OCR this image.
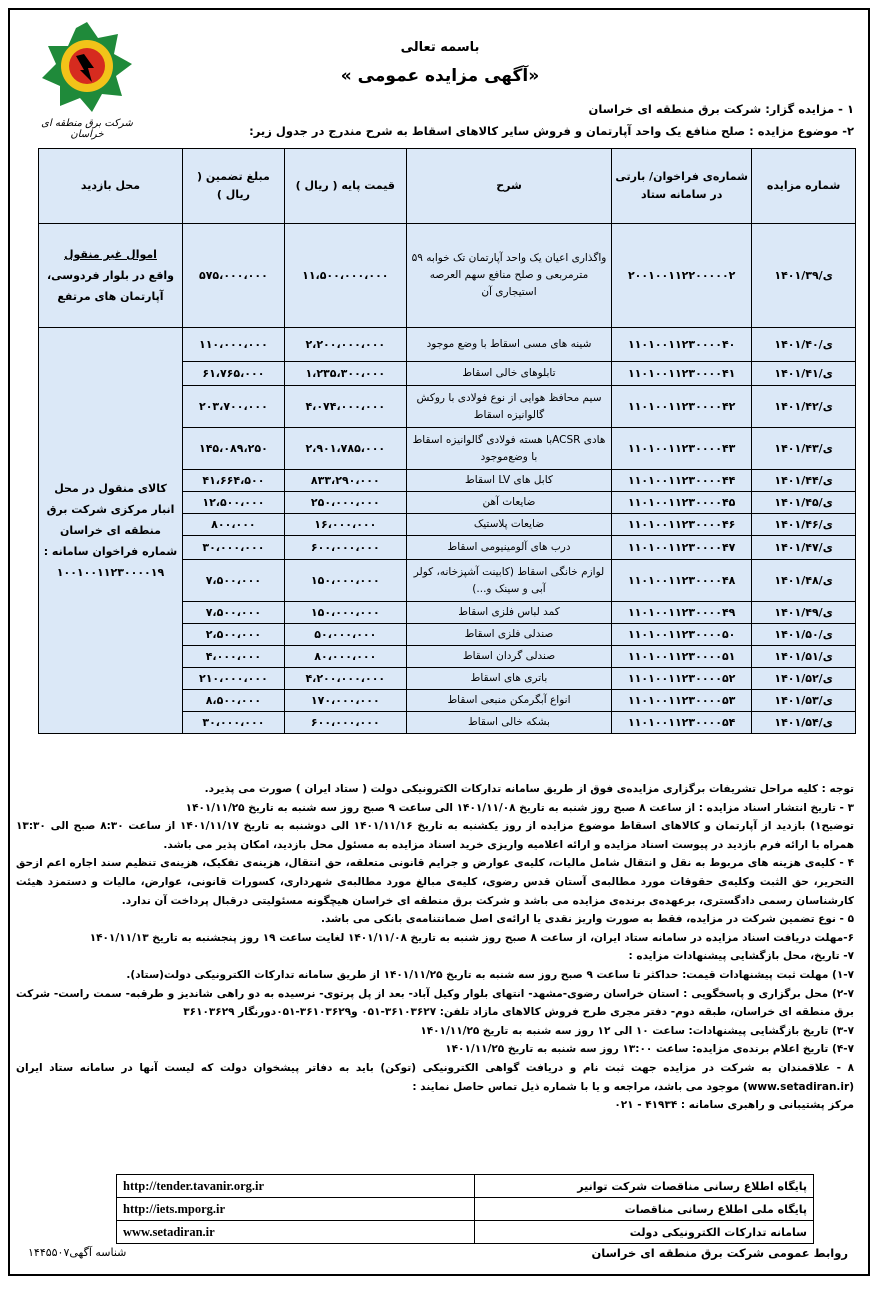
شرکت برق منطقه ای خراسان
باسمه تعالی
«آگهی مزایده عمومی »
۱ - مزایده گزار: شرکت برق منطقه ای خراسان
۲- موضوع مزایده : صلح منافع یک واحد آپارتمان و فروش سایر کالاهای اسقاط به شرح مندرج در جدول زیر:
شماره مزایده	شماره‌ی فراخوان/ بارتی در سامانه ستاد	شرح	قیمت پایه ( ریال )	مبلغ تضمین ( ریال )	محل بازدید
ی/۱۴۰۱/۳۹	۲۰۰۱۰۰۱۱۲۲۰۰۰۰۰۲	واگذاری اعیان یک واحد آپارتمان تک خوابه ۵۹ مترمربعی و صلح منافع سهم العرصه استیجاری آن	۱۱،۵۰۰،۰۰۰،۰۰۰	۵۷۵،۰۰۰،۰۰۰	اموال غیر منقول
واقع در بلوار فردوسی، آپارتمان های مرتفع

ی/۱۴۰۱/۴۰	۱۱۰۱۰۰۱۱۲۳۰۰۰۰۴۰	شینه های مسی اسقاط با وضع موجود	۲،۲۰۰،۰۰۰،۰۰۰	۱۱۰،۰۰۰،۰۰۰	کالای منقول در محل انبار مرکزی شرکت برق منطقه ای خراسان
شماره فراخوان سامانه :
۱۰۰۱۰۰۱۱۲۳۰۰۰۰۱۹

ی/۱۴۰۱/۴۱	۱۱۰۱۰۰۱۱۲۳۰۰۰۰۴۱	تابلوهای خالی اسقاط	۱،۲۳۵،۳۰۰،۰۰۰	۶۱،۷۶۵،۰۰۰	
ی/۱۴۰۱/۴۲	۱۱۰۱۰۰۱۱۲۳۰۰۰۰۴۲	سیم محافظ هوایی از نوع فولادی با روکش گالوانیزه اسقاط	۴،۰۷۴،۰۰۰،۰۰۰	۲۰۳،۷۰۰،۰۰۰	
ی/۱۴۰۱/۴۳	۱۱۰۱۰۰۱۱۲۳۰۰۰۰۴۳	هادی ACSRبا هسته فولادی گالوانیزه اسقاط با وضع‌موجود	۲،۹۰۱،۷۸۵،۰۰۰	۱۴۵،۰۸۹،۲۵۰	
ی/۱۴۰۱/۴۴	۱۱۰۱۰۰۱۱۲۳۰۰۰۰۴۴	کابل های LV اسقاط	۸۳۳،۲۹۰،۰۰۰	۴۱،۶۶۴،۵۰۰	
ی/۱۴۰۱/۴۵	۱۱۰۱۰۰۱۱۲۳۰۰۰۰۴۵	ضایعات آهن	۲۵۰،۰۰۰،۰۰۰	۱۲،۵۰۰،۰۰۰	
ی/۱۴۰۱/۴۶	۱۱۰۱۰۰۱۱۲۳۰۰۰۰۴۶	ضایعات پلاستیک	۱۶،۰۰۰،۰۰۰	۸۰۰،۰۰۰	
ی/۱۴۰۱/۴۷	۱۱۰۱۰۰۱۱۲۳۰۰۰۰۴۷	درب های آلومینیومی اسقاط	۶۰۰،۰۰۰،۰۰۰	۳۰،۰۰۰،۰۰۰	
ی/۱۴۰۱/۴۸	۱۱۰۱۰۰۱۱۲۳۰۰۰۰۴۸	لوازم خانگی اسقاط (کابینت آشپزخانه، کولر آبی و سینک و...)	۱۵۰،۰۰۰،۰۰۰	۷،۵۰۰،۰۰۰	
ی/۱۴۰۱/۴۹	۱۱۰۱۰۰۱۱۲۳۰۰۰۰۴۹	کمد لباس فلزی اسقاط	۱۵۰،۰۰۰،۰۰۰	۷،۵۰۰،۰۰۰	
ی/۱۴۰۱/۵۰	۱۱۰۱۰۰۱۱۲۳۰۰۰۰۵۰	صندلی فلزی اسقاط	۵۰،۰۰۰،۰۰۰	۲،۵۰۰،۰۰۰	
ی/۱۴۰۱/۵۱	۱۱۰۱۰۰۱۱۲۳۰۰۰۰۵۱	صندلی گردان اسقاط	۸۰،۰۰۰،۰۰۰	۴،۰۰۰،۰۰۰	
ی/۱۴۰۱/۵۲	۱۱۰۱۰۰۱۱۲۳۰۰۰۰۵۲	باتری های اسقاط	۴،۲۰۰،۰۰۰،۰۰۰	۲۱۰،۰۰۰،۰۰۰	
ی/۱۴۰۱/۵۳	۱۱۰۱۰۰۱۱۲۳۰۰۰۰۵۳	انواع آبگرمکن منبعی اسقاط	۱۷۰،۰۰۰،۰۰۰	۸،۵۰۰،۰۰۰	
ی/۱۴۰۱/۵۴	۱۱۰۱۰۰۱۱۲۳۰۰۰۰۵۴	بشکه خالی اسقاط	۶۰۰،۰۰۰،۰۰۰	۳۰،۰۰۰،۰۰۰	

توجه : کلیه مراحل تشریفات برگزاری مزایده‌ی فوق از طریق سامانه تدارکات الکترونیکی دولت ( ستاد ایران ) صورت می پذیرد.

۳ - تاریخ انتشار اسناد مزایده : از ساعت ۸ صبح روز شنبه به تاریخ ۱۴۰۱/۱۱/۰۸ الی ساعت ۹ صبح روز سه شنبه به تاریخ ۱۴۰۱/۱۱/۲۵

توضیح۱) بازدید از آپارتمان و کالاهای اسقاط موضوع مزایده از روز یکشنبه به تاریخ ۱۴۰۱/۱۱/۱۶ الی دوشنبه به تاریخ ۱۴۰۱/۱۱/۱۷ از ساعت ۸:۳۰ صبح الی ۱۳:۳۰ همراه با ارائه فرم بازدید در پیوست اسناد مزایده و ارائه اعلامیه واریزی خرید اسناد مزایده به مسئول محل بازدید، امکان پذیر می باشد.

۴ - کلیه‌ی هزینه های مربوط به نقل و انتقال شامل مالیات، کلیه‌ی عوارض و جرایم قانونی متعلقه، حق انتقال، هزینه‌ی تفکیک، هزینه‌ی تنظیم سند اجاره اعم ازحق التحریر، حق الثبت وکلیه‌ی حقوقات مورد مطالبه‌ی آستان قدس رضوی، کلیه‌ی مبالغ مورد مطالبه‌ی شهرداری، کسورات قانونی، عوارض، مالیات و دستمزد هیئت کارشناسان رسمی دادگستری، برعهده‌ی برنده‌ی مزایده می باشد و شرکت برق منطقه ای خراسان هیچگونه مسئولیتی درقبال پرداخت آن ندارد.

۵ - نوع تضمین شرکت در مزایده، فقط به صورت واریز نقدی یا ارائه‌ی اصل ضمانتنامه‌ی بانکی می باشد.

۶-مهلت دریافت اسناد مزایده در سامانه ستاد ایران، از ساعت ۸ صبح روز شنبه به تاریخ ۱۴۰۱/۱۱/۰۸ لغایت ساعت ۱۹ روز پنجشنبه به تاریخ ۱۴۰۱/۱۱/۱۳

۷- تاریخ، محل بازگشایی پیشنهادات مزایده :

۱-۷) مهلت ثبت پیشنهادات قیمت: حداکثر تا ساعت ۹ صبح روز سه شنبه به تاریخ ۱۴۰۱/۱۱/۲۵ از طریق سامانه تدارکات الکترونیکی دولت(ستاد).

۲-۷) محل برگزاری و پاسخگویی : استان خراسان رضوی-مشهد- انتهای بلوار وکیل آباد- بعد از پل پرتوی- نرسیده به دو راهی شاندیز و طرقبه- سمت راست- شرکت برق منطقه ای خراسان، طبقه دوم- دفتر مجری طرح فروش کالاهای مازاد تلفن: ۳۶۱۰۳۶۲۷-۰۵۱ و۳۶۱۰۳۶۲۹-۰۵۱دورنگار ۳۶۱۰۳۶۲۹

۳-۷) تاریخ بازگشایی پیشنهادات: ساعت ۱۰ الی ۱۲ روز سه شنبه به تاریخ ۱۴۰۱/۱۱/۲۵

۴-۷) تاریخ اعلام برنده‌ی مزایده: ساعت ۱۳:۰۰ روز سه شنبه به تاریخ ۱۴۰۱/۱۱/۲۵

۸ - علاقمندان به شرکت در مزایده جهت ثبت نام و دریافت گواهی الکترونیکی (توکن) باید به دفاتر پیشخوان دولت که لیست آنها در سامانه ستاد ایران (www.setadiran.ir) موجود می باشد، مراجعه و یا با شماره ذیل تماس حاصل نمایند :

مرکز پشتیبانی و راهبری سامانه : ۴۱۹۳۴ - ۰۲۱

پایگاه اطلاع رسانی مناقصات شرکت توانیر	http://tender.tavanir.org.ir
پایگاه ملی اطلاع رسانی مناقصات	http://iets.mporg.ir
سامانه تدارکات الکترونیکی دولت	www.setadiran.ir
شناسه آگهی۱۴۴۵۵۰۷	روابط عمومی شرکت برق منطقه ای خراسان
